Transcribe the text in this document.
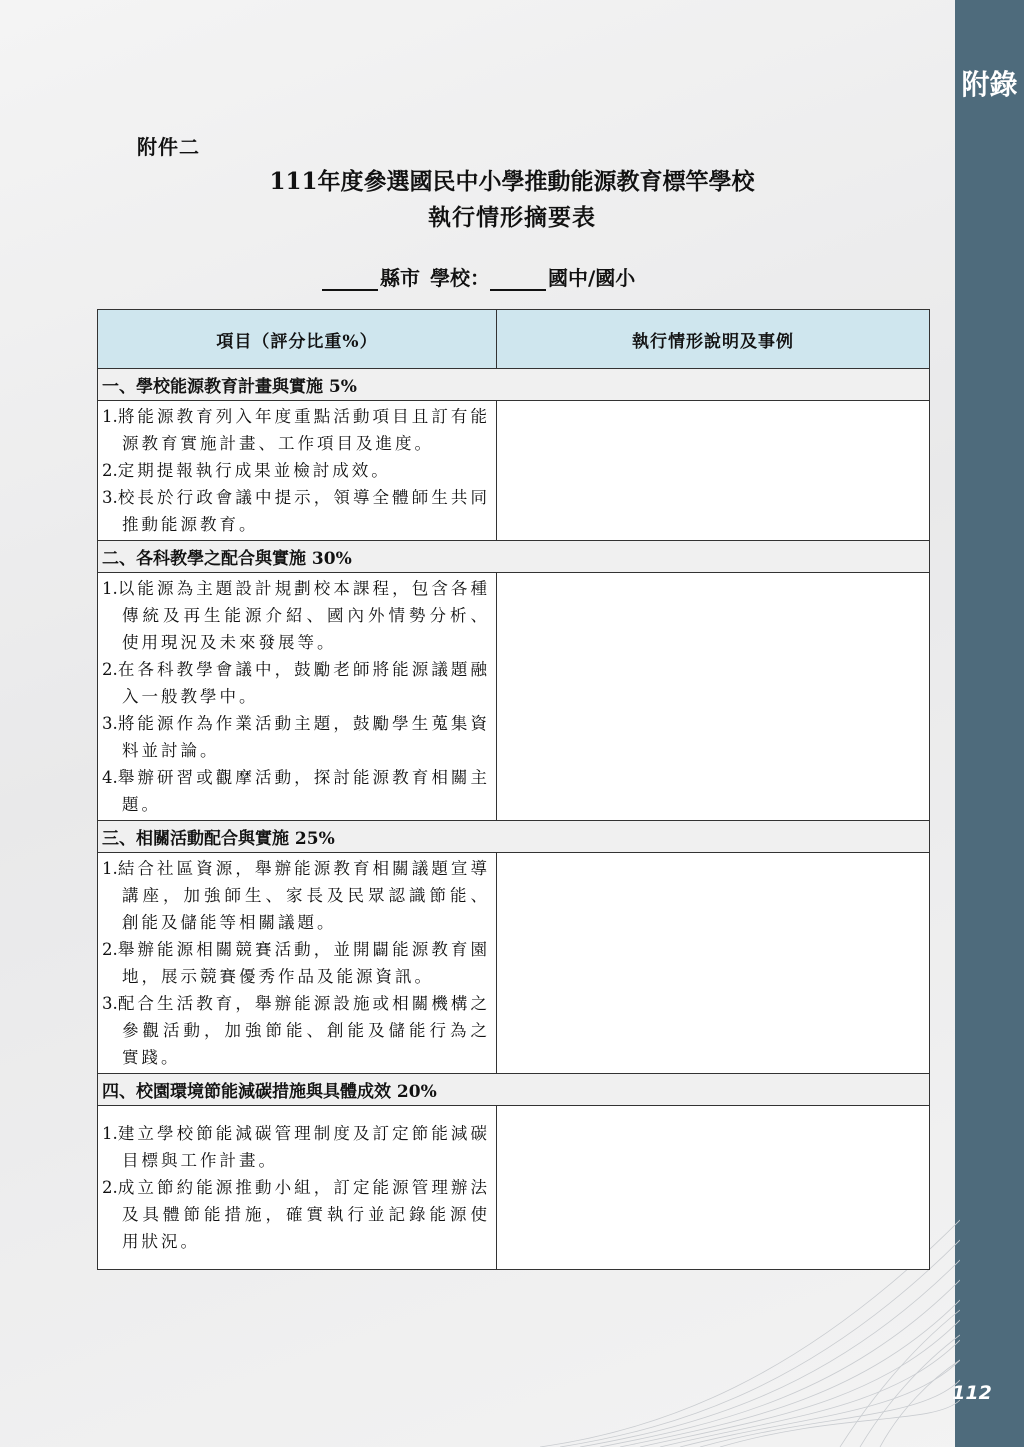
附錄
112
附件二
111年度參選國民中小學推動能源教育標竿學校
執行情形摘要表
縣市 學校：	國中/國小
項目（評分比重%）	執行情形說明及事例
一、學校能源教育計畫與實施 5%	

1.將能源教育列入年度重點活動項目且訂有能源教育實施計畫、工作項目及進度。
2.定期提報執行成果並檢討成效。
3.校長於行政會議中提示，領導全體師生共同推動能源教育。	

二、各科教學之配合與實施 30%	

1.以能源為主題設計規劃校本課程，包含各種傳統及再生能源介紹、國內外情勢分析、使用現況及未來發展等。
2.在各科教學會議中，鼓勵老師將能源議題融入一般教學中。
3.將能源作為作業活動主題，鼓勵學生蒐集資料並討論。
4.舉辦研習或觀摩活動，探討能源教育相關主題。	

三、相關活動配合與實施 25%	

1.結合社區資源，舉辦能源教育相關議題宣導講座，加強師生、家長及民眾認識節能、創能及儲能等相關議題。
2.舉辦能源相關競賽活動，並開闢能源教育園地，展示競賽優秀作品及能源資訊。
3.配合生活教育，舉辦能源設施或相關機構之參觀活動，加強節能、創能及儲能行為之實踐。	

四、校園環境節能減碳措施與具體成效 20%	

1.建立學校節能減碳管理制度及訂定節能減碳目標與工作計畫。
2.成立節約能源推動小組，訂定能源管理辦法及具體節能措施，確實執行並記錄能源使用狀況。	
